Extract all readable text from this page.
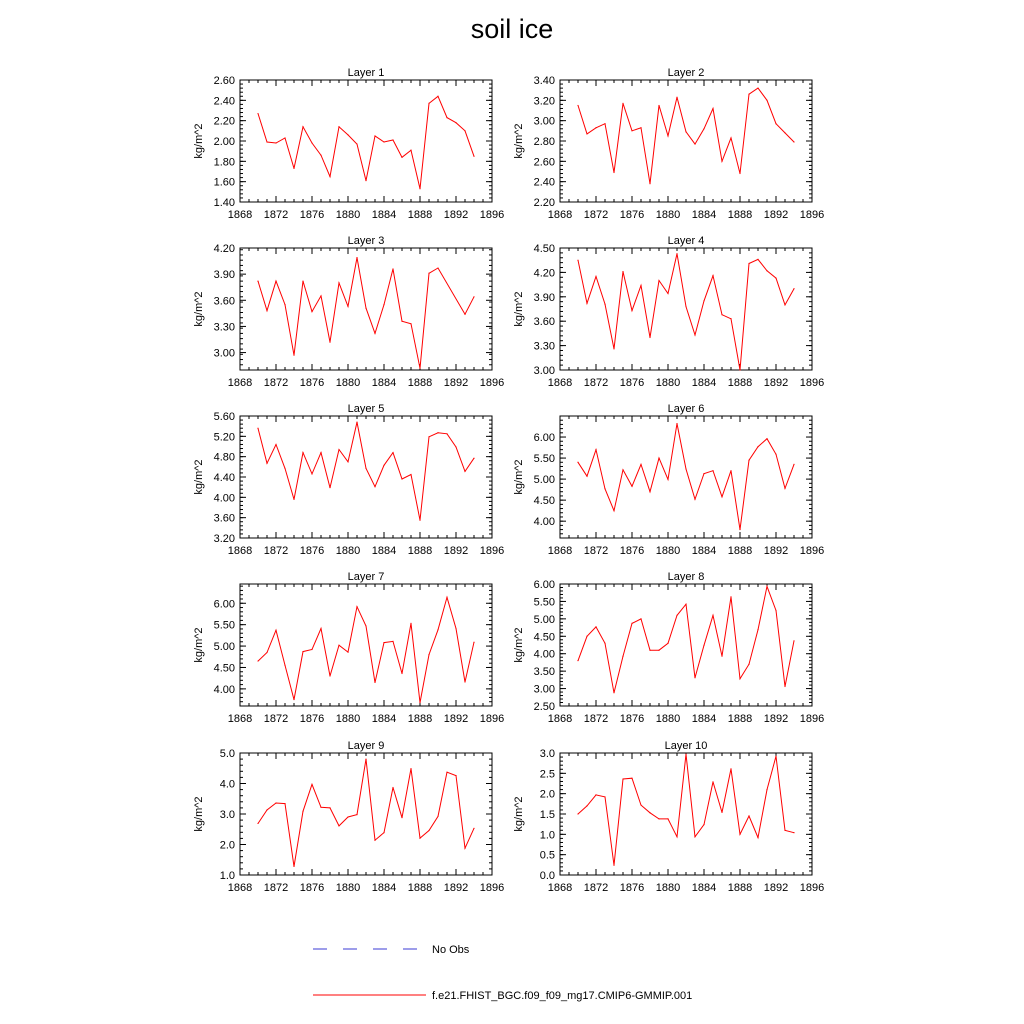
soil ice
Layer 1
1868 1872 1876 1880 1884 1888 1892 1896
1.40
1.60
1.80
2.00
2.20
2.40
2.60
kg/m^2
Layer 2
1868 1872 1876 1880 1884 1888 1892 1896
2.20
2.40
2.60
2.80
3.00
3.20
3.40
kg/m^2
Layer 3
1868 1872 1876 1880 1884 1888 1892 1896
3.00
3.30
3.60
3.90
4.20
kg/m^2
Layer 4
1868 1872 1876 1880 1884 1888 1892 1896
3.00
3.30
3.60
3.90
4.20
4.50
kg/m^2
Layer 5
1868 1872 1876 1880 1884 1888 1892 1896
3.20
3.60
4.00
4.40
4.80
5.20
5.60
kg/m^2
Layer 6
1868 1872 1876 1880 1884 1888 1892 1896
4.00
4.50
5.00
5.50
6.00
kg/m^2
Layer 7
1868 1872 1876 1880 1884 1888 1892 1896
4.00
4.50
5.00
5.50
6.00
kg/m^2
Layer 8
1868 1872 1876 1880 1884 1888 1892 1896
2.50
3.00
3.50
4.00
4.50
5.00
5.50
6.00
kg/m^2
Layer 9
1868 1872 1876 1880 1884 1888 1892 1896
1.0
2.0
3.0
4.0
5.0
kg/m^2
Layer 10
1868 1872 1876 1880 1884 1888 1892 1896
0.0
0.5
1.0
1.5
2.0
2.5
3.0
kg/m^2
No Obs
f.e21.FHIST_BGC.f09_f09_mg17.CMIP6-GMMIP.001
